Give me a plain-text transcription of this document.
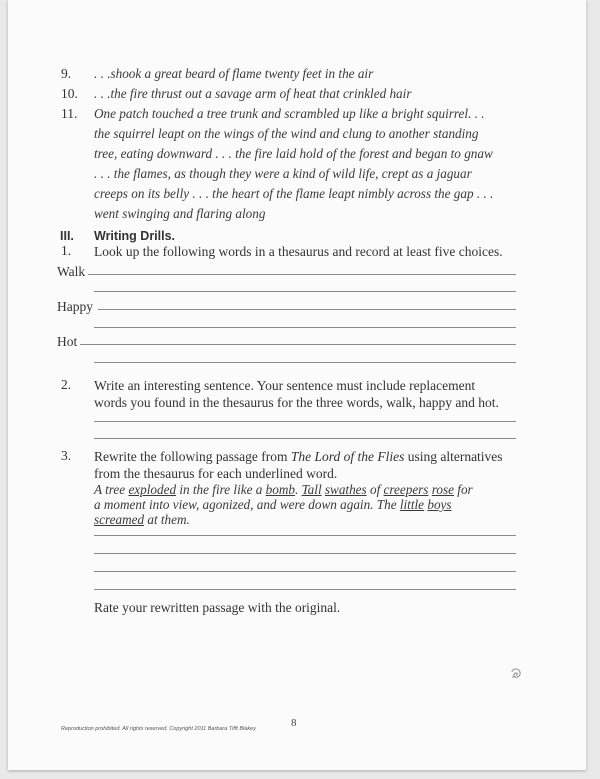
9. . . .shook a great beard of flame twenty feet in the air
10. . . .the fire thrust out a savage arm of heat that crinkled hair
11. One patch touched a tree trunk and scrambled up like a bright squirrel. . .
the squirrel leapt on the wings of the wind and clung to another standing
tree, eating downward . . . the fire laid hold of the forest and began to gnaw
. . . the flames, as though they were a kind of wild life, crept as a jaguar
creeps on its belly . . . the heart of the flame leapt nimbly across the gap . . .
went swinging and flaring along
III. Writing Drills.
1. Look up the following words in a thesaurus and record at least five choices.
Walk
Happy
Hot
2. Write an interesting sentence. Your sentence must include replacement
words you found in the thesaurus for the three words, walk, happy and hot.
3. Rewrite the following passage from The Lord of the Flies using alternatives
from the thesaurus for each underlined word.
A tree exploded in the fire like a bomb. Tall swathes of creepers rose for
a moment into view, agonized, and were down again. The little boys
screamed at them.
Rate your rewritten passage with the original.
Reproduction prohibited. All rights reserved. Copyright 2011 Barbara Tifft Blakey	8
